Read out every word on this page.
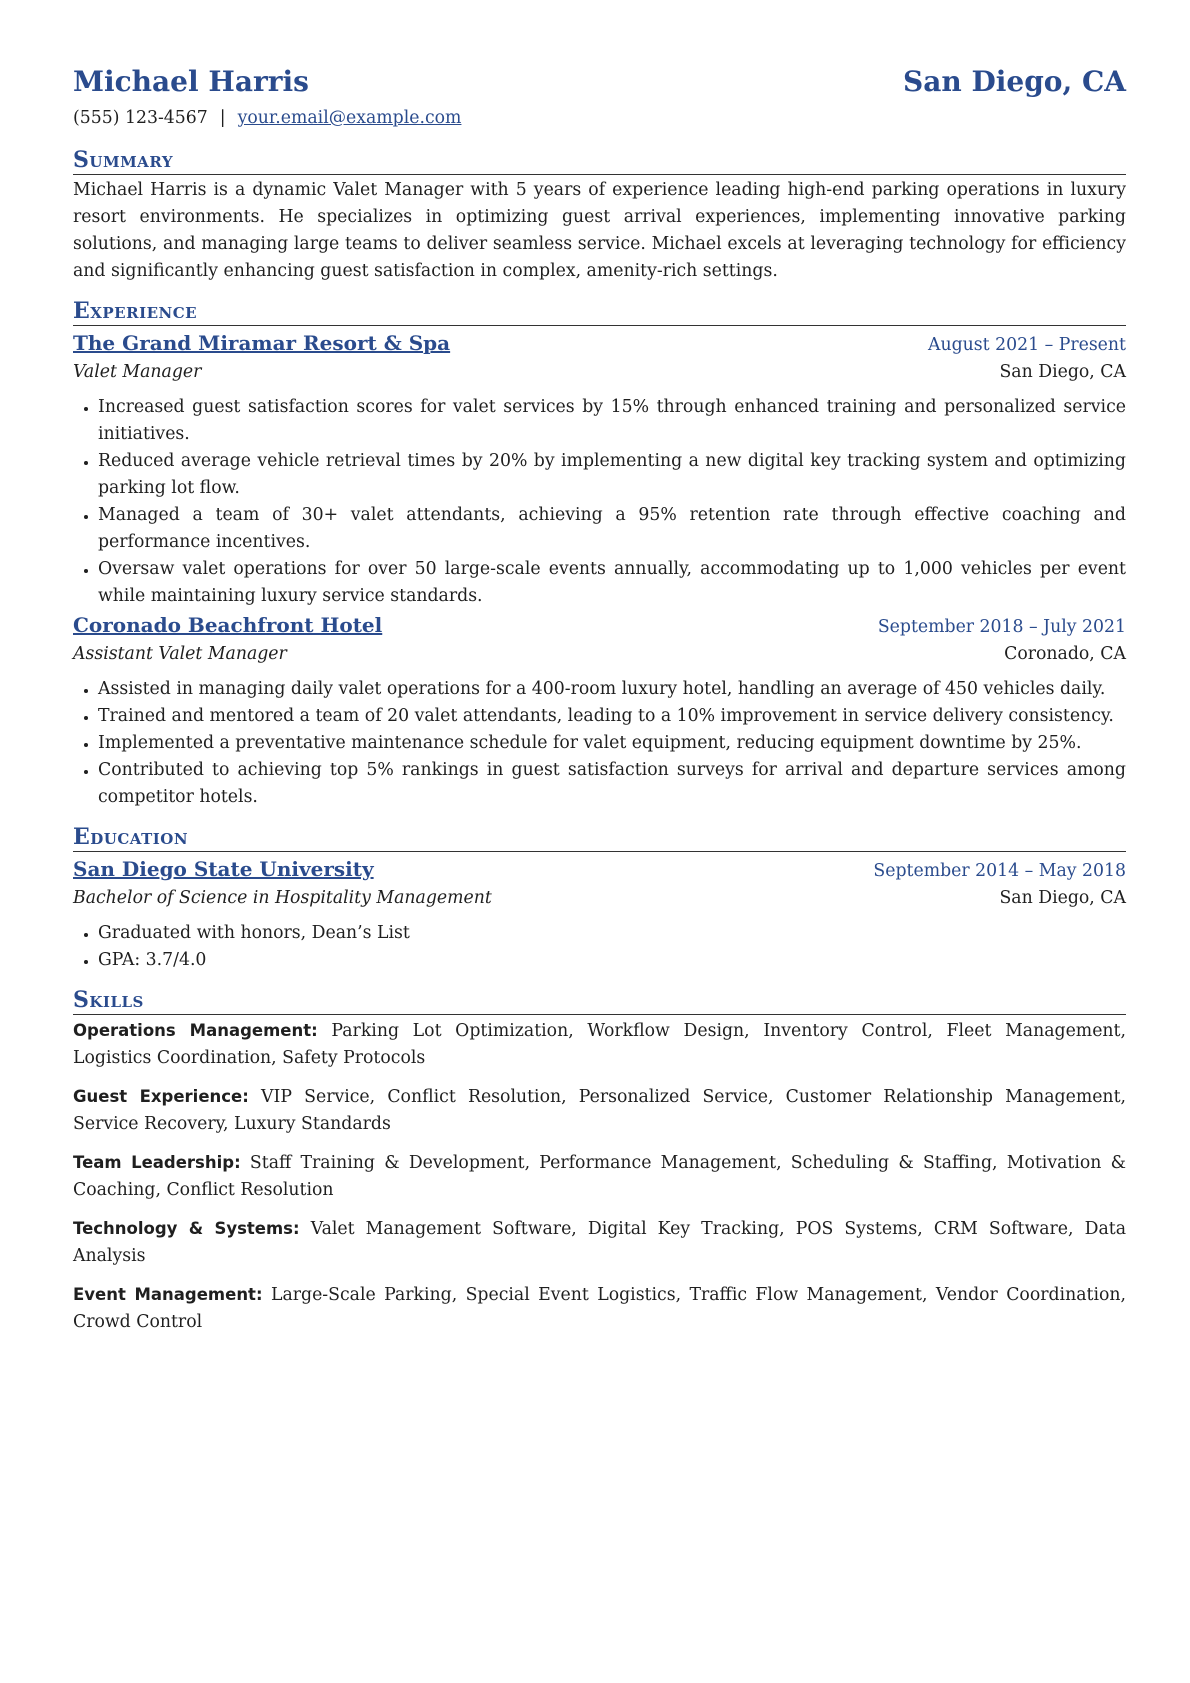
Michael Harris	San Diego, CA
(555) 123-4567 | your.email@example.com
Summary
Michael Harris is a dynamic Valet Manager with 5 years of experience leading high-end parking operations in luxury resort environments. He specializes in optimizing guest arrival experiences, implementing innovative parking solutions, and managing large teams to deliver seamless service. Michael excels at leveraging technology for efficiency and significantly enhancing guest satisfaction in complex, amenity-rich settings.
Experience
The Grand Miramar Resort & Spa	August 2021 – Present
Valet Manager	San Diego, CA
• Increased guest satisfaction scores for valet services by 15% through enhanced training and personalized service initiatives.
• Reduced average vehicle retrieval times by 20% by implementing a new digital key tracking system and optimizing parking lot flow.
• Managed a team of 30+ valet attendants, achieving a 95% retention rate through effective coaching and performance incentives.
• Oversaw valet operations for over 50 large-scale events annually, accommodating up to 1,000 vehicles per event while maintaining luxury service standards.
Coronado Beachfront Hotel	September 2018 – July 2021
Assistant Valet Manager	Coronado, CA
• Assisted in managing daily valet operations for a 400-room luxury hotel, handling an average of 450 vehicles daily.
• Trained and mentored a team of 20 valet attendants, leading to a 10% improvement in service delivery consistency.
• Implemented a preventative maintenance schedule for valet equipment, reducing equipment downtime by 25%.
• Contributed to achieving top 5% rankings in guest satisfaction surveys for arrival and departure services among competitor hotels.
Education
San Diego State University	September 2014 – May 2018
Bachelor of Science in Hospitality Management	San Diego, CA
• Graduated with honors, Dean’s List
• GPA: 3.7/4.0
Skills
Operations Management: Parking Lot Optimization, Workflow Design, Inventory Control, Fleet Management, Logistics Coordination, Safety Protocols
Guest Experience: VIP Service, Conflict Resolution, Personalized Service, Customer Relationship Management, Service Recovery, Luxury Standards
Team Leadership: Staff Training & Development, Performance Management, Scheduling & Staffing, Motivation & Coaching, Conflict Resolution
Technology & Systems: Valet Management Software, Digital Key Tracking, POS Systems, CRM Software, Data Analysis
Event Management: Large-Scale Parking, Special Event Logistics, Traffic Flow Management, Vendor Coordination, Crowd Control
